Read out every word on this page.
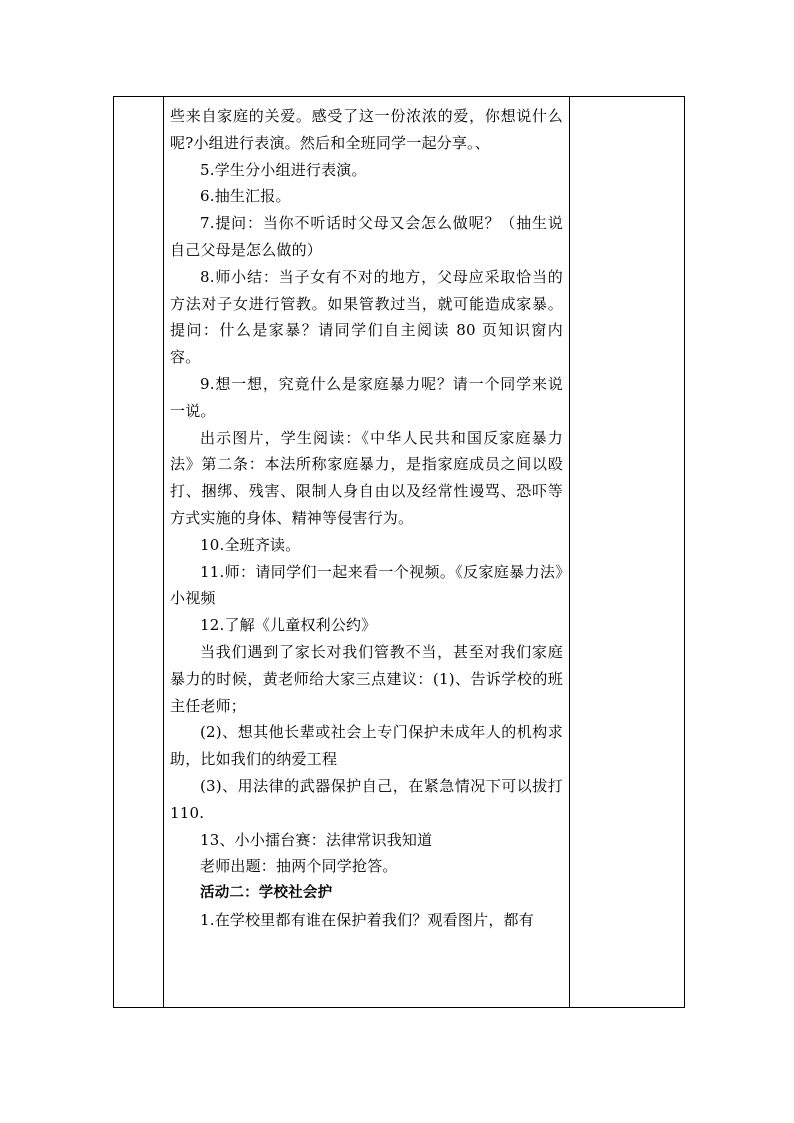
些来自家庭的关爱。感受了这一份浓浓的爱，你想说什么呢?小组进行表演。然后和全班同学一起分享。、

5.学生分小组进行表演。

6.抽生汇报。

7.提问：当你不听话时父母又会怎么做呢？（抽生说自己父母是怎么做的）

8.师小结：当子女有不对的地方，父母应采取恰当的方法对子女进行管教。如果管教过当，就可能造成家暴。提问：什么是家暴？请同学们自主阅读 80 页知识窗内容。

9.想一想，究竟什么是家庭暴力呢？请一个同学来说一说。

出示图片，学生阅读：《中华人民共和国反家庭暴力法》第二条：本法所称家庭暴力，是指家庭成员之间以殴打、捆绑、残害、限制人身自由以及经常性谩骂、恐吓等方式实施的身体、精神等侵害行为。

10.全班齐读。

11.师：请同学们一起来看一个视频。《反家庭暴力法》小视频

12.了解《儿童权利公约》

当我们遇到了家长对我们管教不当，甚至对我们家庭暴力的时候，黄老师给大家三点建议：(1)、告诉学校的班主任老师；

(2)、想其他长辈或社会上专门保护未成年人的机构求助，比如我们的纳爱工程

(3)、用法律的武器保护自己，在紧急情况下可以拔打 110.

13、小小擂台赛：法律常识我知道

老师出题：抽两个同学抢答。

活动二：学校社会护

1.在学校里都有谁在保护着我们？观看图片，都有
